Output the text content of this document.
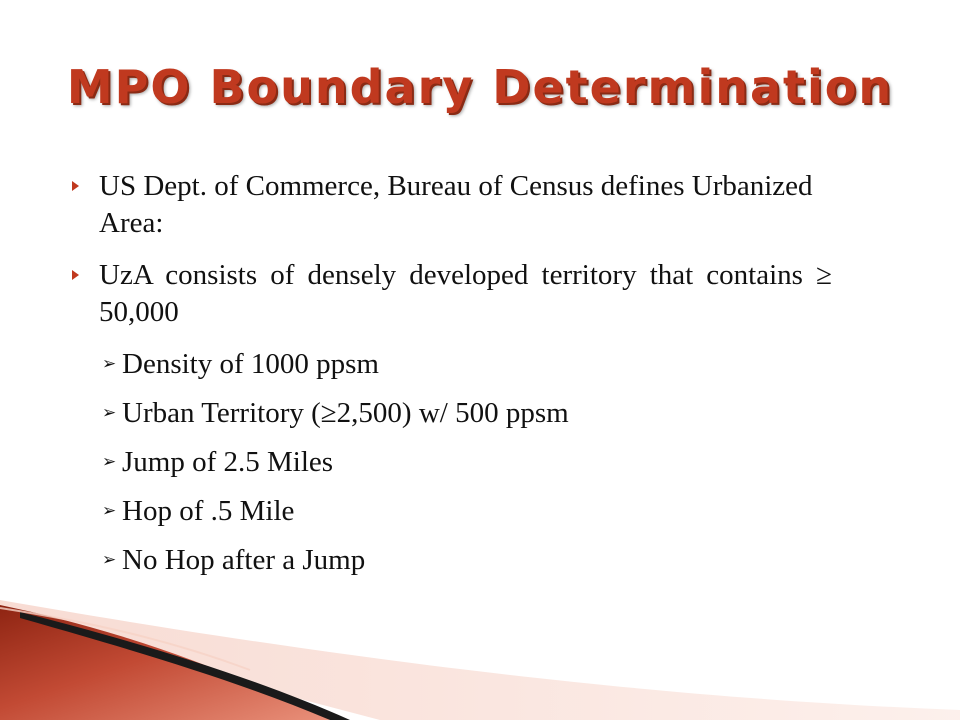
MPO Boundary Determination
US Dept. of Commerce, Bureau of Census defines Urbanized Area:
UzA consists of densely developed territory that contains ≥ 50,000
➢ Density of 1000 ppsm
➢ Urban Territory (≥2,500) w/ 500 ppsm
➢ Jump of 2.5 Miles
➢ Hop of .5 Mile
➢ No Hop after a Jump
